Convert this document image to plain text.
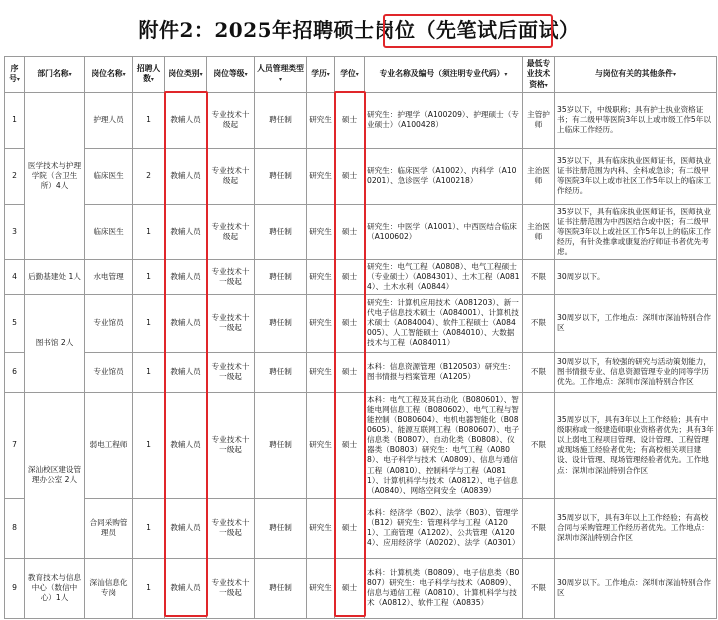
附件2：2025年招聘硕士岗位（先笔试后面试）
序号▾	部门名称▾	岗位名称▾	招聘人数▾	岗位类别▾	岗位等级▾	人员管理类型▾	学历▾	学位▾	专业名称及编号（须注明专业代码）▾	最低专业技术资格▾	与岗位有关的其他条件▾
1	医学技术与护理学院（含卫生所）4人	护理人员	1	教辅人员	专业技术十级起	聘任制	研究生	硕士	研究生：护理学（A100209）、护理硕士（专业硕士）（A100428）	主管护师	35岁以下，中级职称；具有护士执业资格证书；有二级甲等医院3年以上或市级工作5年以上临床工作经历。
2		临床医生	2	教辅人员	专业技术十级起	聘任制	研究生	硕士	研究生：临床医学（A1002）、内科学（A100201）、急诊医学（A100218）	主治医师	35岁以下，具有临床执业医师证书，医师执业证书注册范围为内科、全科或急诊；有二级甲等医院3年以上或市社区工作5年以上的临床工作经历。
3		临床医生	1	教辅人员	专业技术十级起	聘任制	研究生	硕士	研究生：中医学（A1001）、中西医结合临床（A100602）	主治医师	35岁以下，具有临床执业医师证书，医师执业证书注册范围为中西医结合或中医；有二级甲等医院3年以上或社区工作5年以上的临床工作经历，有针灸推拿或康复治疗师证书者优先考虑。
4	后勤基建处 1人	水电管理	1	教辅人员	专业技术十一级起	聘任制	研究生	硕士	研究生：电气工程（A0808）、电气工程硕士（专业硕士）（A084301）、土木工程（A0814）、土木水利（A0844）	不限	30周岁以下。
5	图书馆 2人	专业馆员	1	教辅人员	专业技术十一级起	聘任制	研究生	硕士	研究生：计算机应用技术（A081203）、新一代电子信息技术硕士（A084001）、计算机技术硕士（A084004）、软件工程硕士（A084005）、人工智能硕士（A084010）、大数据技术与工程（A084011）	不限	30周岁以下，工作地点：深圳市深汕特别合作区
6		专业馆员	1	教辅人员	专业技术十一级起	聘任制	研究生	硕士	本科：信息资源管理（B120503）研究生：图书情报与档案管理（A1205）	不限	30周岁以下，有较强的研究与活动策划能力，图书情报专业、信息资源管理专业的同等学历优先。工作地点：深圳市深汕特别合作区
7	深汕校区建设管理办公室 2人	弱电工程师	1	教辅人员	专业技术十一级起	聘任制	研究生	硕士	本科：电气工程及其自动化（B080601）、智能电网信息工程（B080602）、电气工程与智能控制（B080604）、电机电器智能化（B080605）、能源互联网工程（B080607）、电子信息类（B0807）、自动化类（B0808）、仪器类（B0803）研究生：电气工程（A0808）、电子科学与技术（A0809）、信息与通信工程（A0810）、控制科学与工程（A0811）、计算机科学与技术（A0812）、电子信息（A0840）、网络空间安全（A0839）	不限	35周岁以下，具有3年以上工作经验；具有中级职称或一级建造师职业资格者优先；具有3年以上弱电工程项目管理、设计管理、工程管理或现场施工经验者优先；有高校相关项目建设、设计管理、现场管理经验者优先。工作地点：深圳市深汕特别合作区
8		合同采购管理员	1	教辅人员	专业技术十一级起	聘任制	研究生	硕士	本科：经济学（B02）、法学（B03）、管理学（B12）研究生：管理科学与工程（A1201）、工商管理（A1202）、公共管理（A1204）、应用经济学（A0202）、法学（A0301）	不限	35周岁以下，具有3年以上工作经验；有高校合同与采购管理工作经历者优先。工作地点：深圳市深汕特别合作区
9	教育技术与信息中心（数信中心）1人	深汕信息化专岗	1	教辅人员	专业技术十一级起	聘任制	研究生	硕士	本科：计算机类（B0809）、电子信息类（B0807）研究生：电子科学与技术（A0809）、信息与通信工程（A0810）、计算机科学与技术（A0812）、软件工程（A0835）	不限	30周岁以下。工作地点：深圳市深汕特别合作区
